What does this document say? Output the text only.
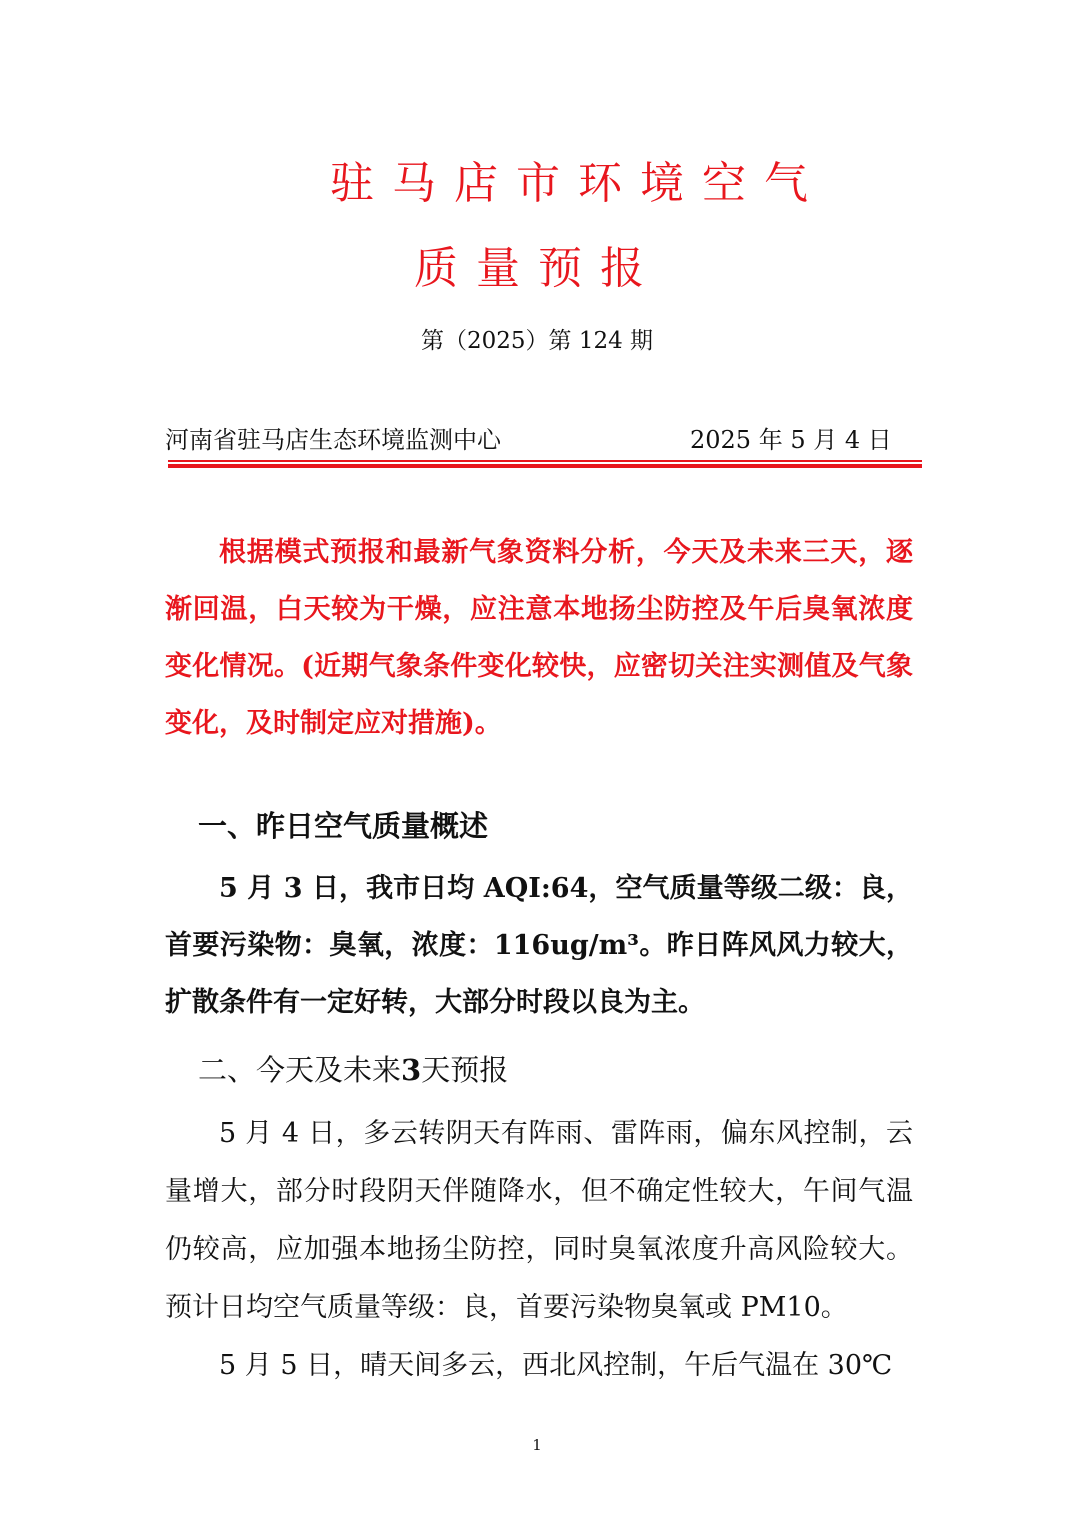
驻马店市环境空气
质量预报
第（2025）第 124 期
河南省驻马店生态环境监测中心	2025 年 5 月 4 日

根据模式预报和最新气象资料分析，今天及未来三天，逐渐回温，白天较为干燥，应注意本地扬尘防控及午后臭氧浓度变化情况。(近期气象条件变化较快，应密切关注实测值及气象变化，及时制定应对措施)。

一、昨日空气质量概述

5 月 3 日，我市日均 AQI:64，空气质量等级二级：良，首要污染物：臭氧，浓度：116ug/m³。昨日阵风风力较大，扩散条件有一定好转，大部分时段以良为主。

二、今天及未来3天预报

5 月 4 日，多云转阴天有阵雨、雷阵雨，偏东风控制，云量增大，部分时段阴天伴随降水，但不确定性较大，午间气温仍较高，应加强本地扬尘防控，同时臭氧浓度升高风险较大。预计日均空气质量等级：良，首要污染物臭氧或 PM10。

5 月 5 日，晴天间多云，西北风控制，午后气温在 30℃

1
